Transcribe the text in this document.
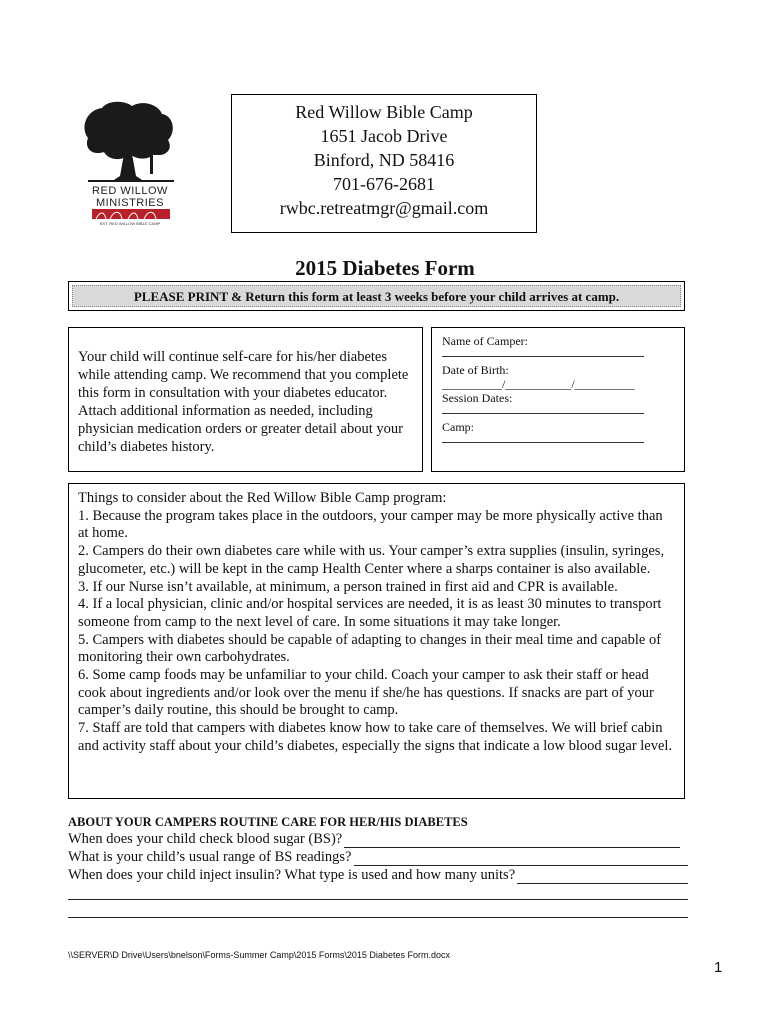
RED WILLOW
MINISTRIES
EST. RED WILLOW BIBLE CAMP
Red Willow Bible Camp
1651 Jacob Drive
Binford, ND 58416
701-676-2681
rwbc.retreatmgr@gmail.com
2015 Diabetes Form
PLEASE PRINT & Return this form at least 3 weeks before your child arrives at camp.
Your child will continue self-care for his/her diabetes while attending camp. We recommend that you complete this form in consultation with your diabetes educator. Attach additional information as needed, including physician medication orders or greater detail about your child’s diabetes history.
Name of Camper:
Date of Birth:
__________/___________/__________
Session Dates:
Camp:
Things to consider about the Red Willow Bible Camp program:
1. Because the program takes place in the outdoors, your camper may be more physically active than at home.
2. Campers do their own diabetes care while with us. Your camper’s extra supplies (insulin, syringes, glucometer, etc.) will be kept in the camp Health Center where a sharps container is also available.
3. If our Nurse isn’t available, at minimum, a person trained in first aid and CPR is available.
4. If a local physician, clinic and/or hospital services are needed, it is as least 30 minutes to transport someone from camp to the next level of care. In some situations it may take longer.
5. Campers with diabetes should be capable of adapting to changes in their meal time and capable of monitoring their own carbohydrates.
6. Some camp foods may be unfamiliar to your child. Coach your camper to ask their staff or head cook about ingredients and/or look over the menu if she/he has questions. If snacks are part of your camper’s daily routine, this should be brought to camp.
7. Staff are told that campers with diabetes know how to take care of themselves. We will brief cabin and activity staff about your child’s diabetes, especially the signs that indicate a low blood sugar level.
ABOUT YOUR CAMPERS ROUTINE CARE FOR HER/HIS DIABETES
When does your child check blood sugar (BS)?
What is your child’s usual range of BS readings?
When does your child inject insulin? What type is used and how many units?
\\SERVER\D Drive\Users\bnelson\Forms-Summer Camp\2015 Forms\2015 Diabetes Form.docx
1
